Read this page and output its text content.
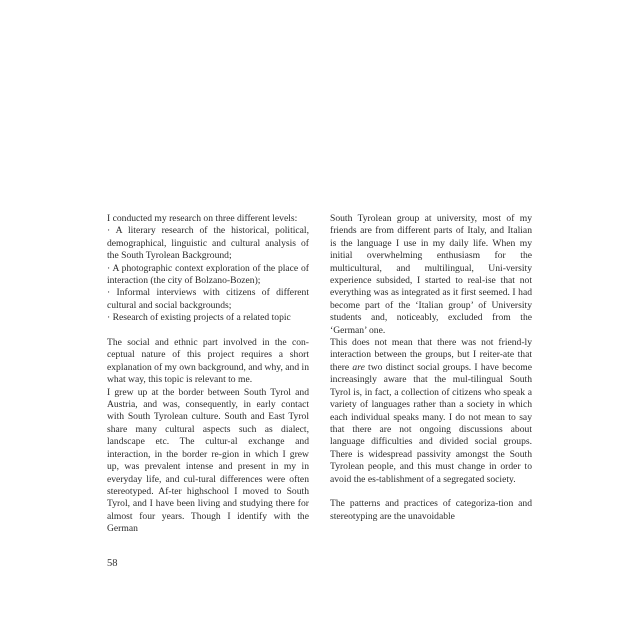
I conducted my research on three different levels:

· A literary research of the historical, political, demographical, linguistic and cultural analysis of the South Tyrolean Background;

· A photographic context exploration of the place of interaction (the city of Bolzano-Bozen);

· Informal interviews with citizens of different cultural and social backgrounds;

· Research of existing projects of a related topic

The social and ethnic part involved in the con-ceptual nature of this project requires a short explanation of my own background, and why, and in what way, this topic is relevant to me.

I grew up at the border between South Tyrol and Austria, and was, consequently, in early contact with South Tyrolean culture. South and East Tyrol share many cultural aspects such as dialect, landscape etc. The cultur-al exchange and interaction, in the border re-gion in which I grew up, was prevalent intense and present in my in everyday life, and cul-tural differences were often stereotyped. Af-ter highschool I moved to South Tyrol, and I have been living and studying there for almost four years. Though I identify with the German

South Tyrolean group at university, most of my friends are from different parts of Italy, and Italian is the language I use in my daily life. When my initial overwhelming enthusiasm for the multicultural, and multilingual, Uni-versity experience subsided, I started to real-ise that not everything was as integrated as it first seemed. I had become part of the ‘Italian group’ of University students and, noticeably, excluded from the ‘German’ one.

This does not mean that there was not friend-ly interaction between the groups, but I reiter-ate that there are two distinct social groups. I have become increasingly aware that the mul-tilingual South Tyrol is, in fact, a collection of citizens who speak a variety of languages rather than a society in which each individual speaks many. I do not mean to say that there are not ongoing discussions about language difficulties and divided social groups. There is widespread passivity amongst the South Tyrolean people, and this must change in order to avoid the es-tablishment of a segregated society.

The patterns and practices of categoriza-tion and stereotyping are the unavoidable

58
